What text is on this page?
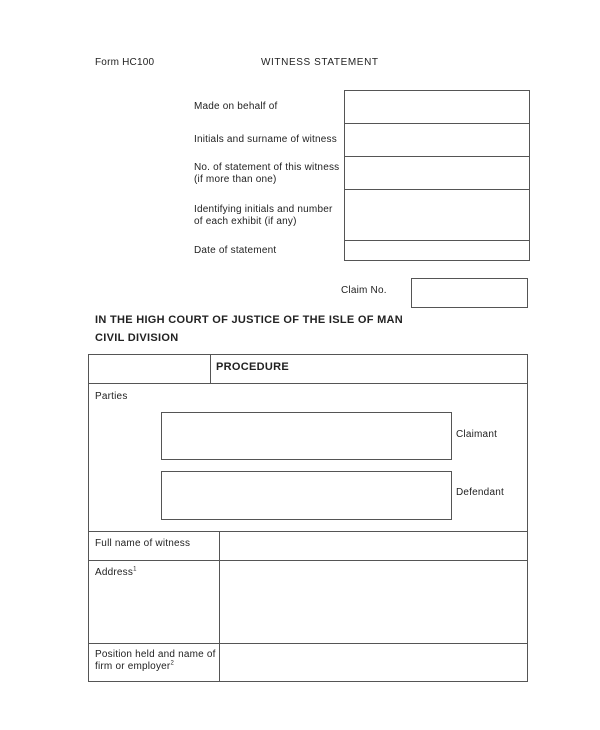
Form HC100	WITNESS STATEMENT
Made on behalf of
Initials and surname of witness
No. of statement of this witness
(if more than one)
Identifying initials and number
of each exhibit (if any)
Date of statement
Claim No.
IN THE HIGH COURT OF JUSTICE OF THE ISLE OF MAN
CIVIL DIVISION
PROCEDURE
Parties
Claimant
Defendant
Full name of witness
Address$^1$
Position held and name of
firm or employer$^2$
